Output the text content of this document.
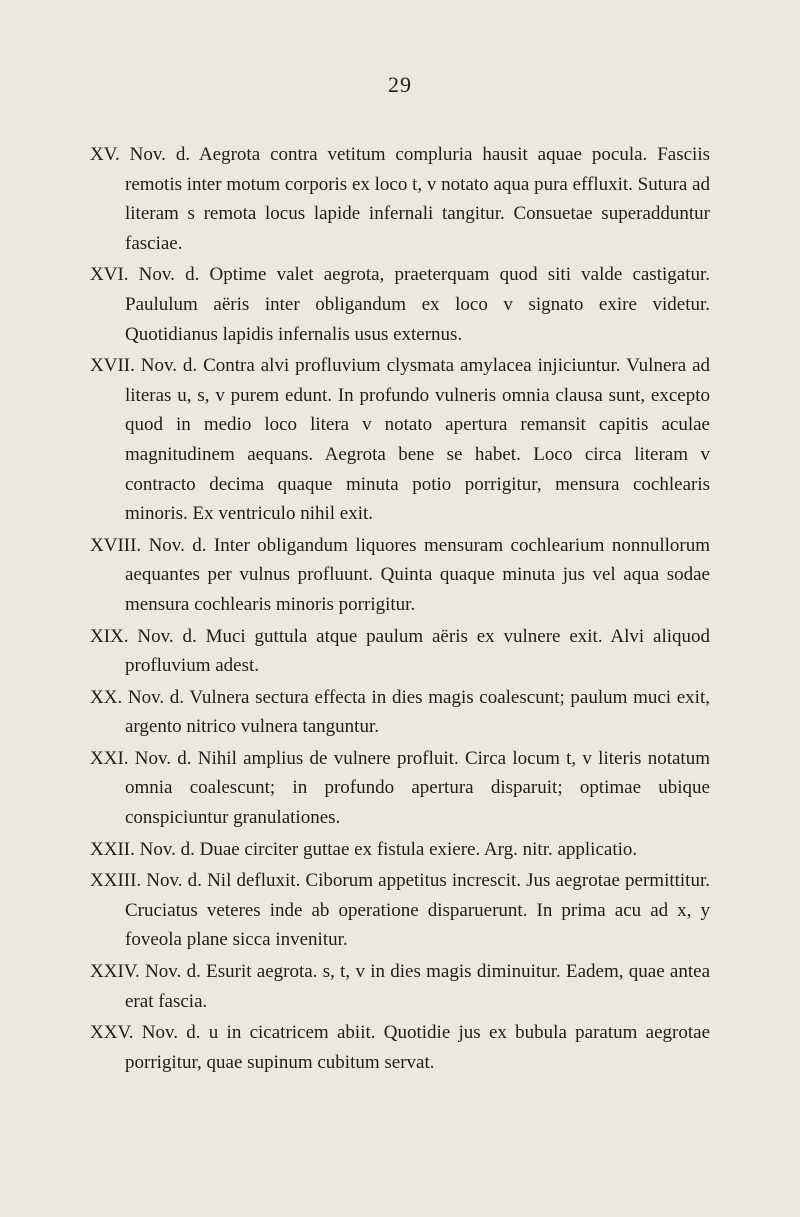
29
XV. Nov. d. Aegrota contra vetitum compluria hausit aquae pocula. Fasciis remotis inter motum corporis ex loco t, v notato aqua pura effluxit. Sutura ad literam s remota locus lapide infernali tangitur. Consuetae superadduntur fasciae.
XVI. Nov. d. Optime valet aegrota, praeterquam quod siti valde castigatur. Paululum aëris inter obligandum ex loco v signato exire videtur. Quotidianus lapidis infernalis usus externus.
XVII. Nov. d. Contra alvi profluvium clysmata amylacea injiciuntur. Vulnera ad literas u, s, v purem edunt. In profundo vulneris omnia clausa sunt, excepto quod in medio loco litera v notato apertura remansit capitis aculae magnitudinem aequans. Aegrota bene se habet. Loco circa literam v contracto decima quaque minuta potio porrigitur, mensura cochlearis minoris. Ex ventriculo nihil exit.
XVIII. Nov. d. Inter obligandum liquores mensuram cochlearium nonnullorum aequantes per vulnus profluunt. Quinta quaque minuta jus vel aqua sodae mensura cochlearis minoris porrigitur.
XIX. Nov. d. Muci guttula atque paulum aëris ex vulnere exit. Alvi aliquod profluvium adest.
XX. Nov. d. Vulnera sectura effecta in dies magis coalescunt; paulum muci exit, argento nitrico vulnera tanguntur.
XXI. Nov. d. Nihil amplius de vulnere profluit. Circa locum t, v literis notatum omnia coalescunt; in profundo apertura disparuit; optimae ubique conspiciuntur granulationes.
XXII. Nov. d. Duae circiter guttae ex fistula exiere. Arg. nitr. applicatio.
XXIII. Nov. d. Nil defluxit. Ciborum appetitus increscit. Jus aegrotae permittitur. Cruciatus veteres inde ab operatione disparuerunt. In prima acu ad x, y foveola plane sicca invenitur.
XXIV. Nov. d. Esurit aegrota. s, t, v in dies magis diminuitur. Eadem, quae antea erat fascia.
XXV. Nov. d. u in cicatricem abiit. Quotidie jus ex bubula paratum aegrotae porrigitur, quae supinum cubitum servat.
